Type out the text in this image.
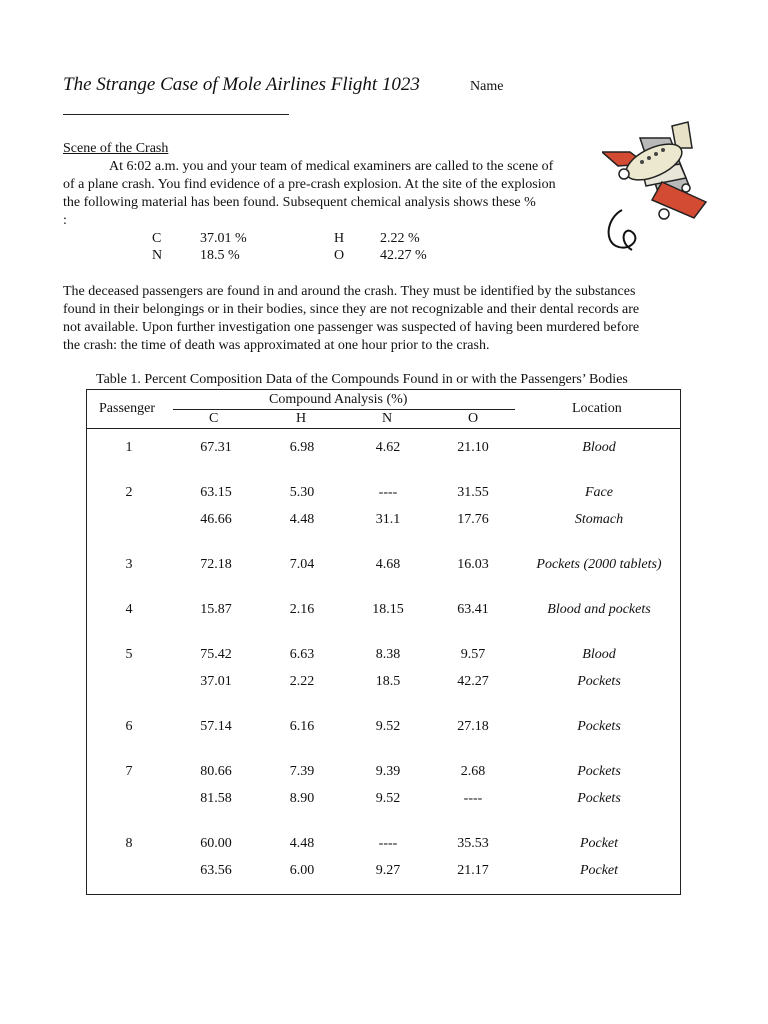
The Strange Case of Mole Airlines Flight 1023	Name
Scene of the Crash
At 6:02 a.m. you and your team of medical examiners are called to the scene of
of a plane crash. You find evidence of a pre-crash explosion. At the site of the explosion
the following material has been found. Subsequent chemical analysis shows these %
:
C	37.01 %	H	2.22 %
N	18.5 %	O	42.27 %
The deceased passengers are found in and around the crash. They must be identified by the substances
found in their belongings or in their bodies, since they are not recognizable and their dental records are
not available. Upon further investigation one passenger was suspected of having been murdered before
the crash: the time of death was approximated at one hour prior to the crash.
Table 1. Percent Composition Data of the Compounds Found in or with the Passengers’ Bodies
Passenger
Compound Analysis (%)
C	H	N	O
Location
1	67.31	6.98	4.62	21.10	Blood
2	63.15	5.30	----	31.55	Face
46.66	4.48	31.1	17.76	Stomach
3	72.18	7.04	4.68	16.03	Pockets (2000 tablets)
4	15.87	2.16	18.15	63.41	Blood and pockets
5	75.42	6.63	8.38	9.57	Blood
37.01	2.22	18.5	42.27	Pockets
6	57.14	6.16	9.52	27.18	Pockets
7	80.66	7.39	9.39	2.68	Pockets
81.58	8.90	9.52	----	Pockets
8	60.00	4.48	----	35.53	Pocket
63.56	6.00	9.27	21.17	Pocket
